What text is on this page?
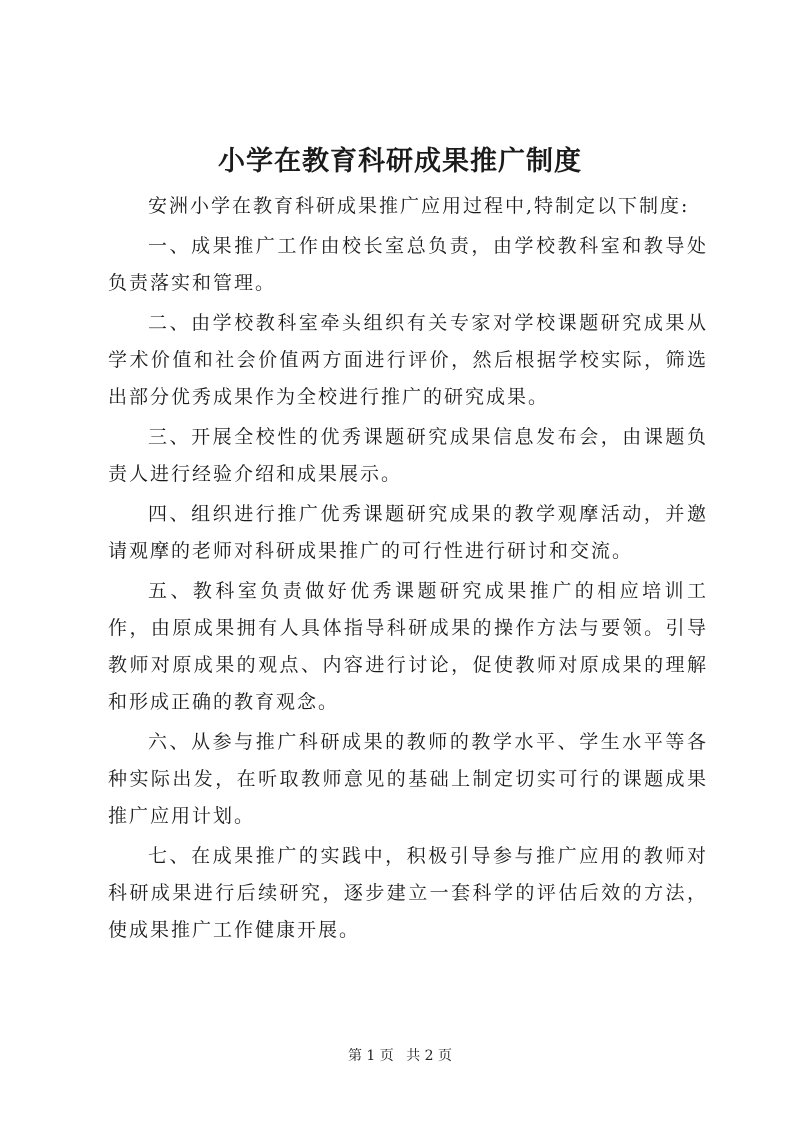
小学在教育科研成果推广制度

安洲小学在教育科研成果推广应用过程中,特制定以下制度:

一、成果推广工作由校长室总负责，由学校教科室和教导处负责落实和管理。

二、由学校教科室牵头组织有关专家对学校课题研究成果从学术价值和社会价值两方面进行评价，然后根据学校实际，筛选出部分优秀成果作为全校进行推广的研究成果。

三、开展全校性的优秀课题研究成果信息发布会，由课题负责人进行经验介绍和成果展示。

四、组织进行推广优秀课题研究成果的教学观摩活动，并邀请观摩的老师对科研成果推广的可行性进行研讨和交流。

五、教科室负责做好优秀课题研究成果推广的相应培训工作，由原成果拥有人具体指导科研成果的操作方法与要领。引导教师对原成果的观点、内容进行讨论，促使教师对原成果的理解和形成正确的教育观念。

六、从参与推广科研成果的教师的教学水平、学生水平等各种实际出发，在听取教师意见的基础上制定切实可行的课题成果推广应用计划。

七、在成果推广的实践中，积极引导参与推广应用的教师对科研成果进行后续研究，逐步建立一套科学的评估后效的方法，使成果推广工作健康开展。

第 1 页 共 2 页
